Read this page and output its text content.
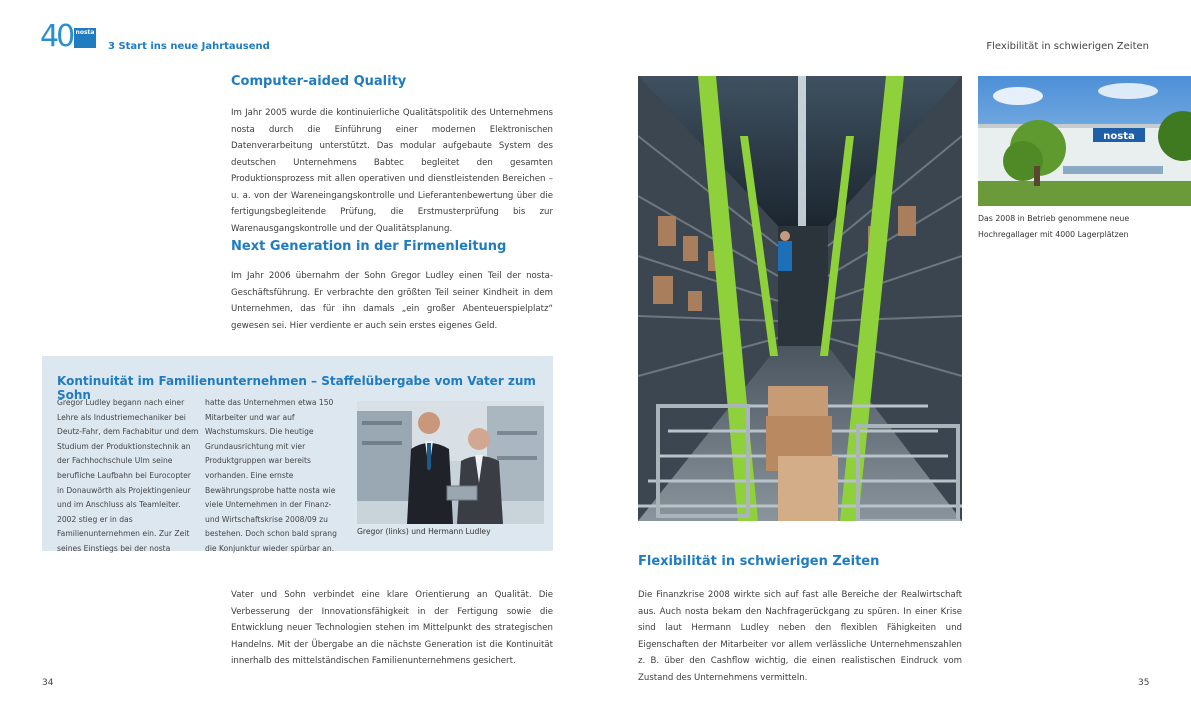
40 nosta
3 Start ins neue Jahrtausend	Flexibilität in schwierigen Zeiten
Computer-aided Quality

Im Jahr 2005 wurde die kontinuierliche Qualitätspolitik des Unternehmens nosta durch die Einführung einer modernen Elektronischen Datenverarbeitung unterstützt. Das modular aufgebaute System des deutschen Unternehmens Babtec begleitet den gesamten Produktionsprozess mit allen operativen und dienstleistenden Bereichen – u. a. von der Wareneingangskontrolle und Lieferantenbewertung über die fertigungsbegleitende Prüfung, die Erstmusterprüfung bis zur Warenausgangskontrolle und der Qualitätsplanung.

Next Generation in der Firmenleitung

Im Jahr 2006 übernahm der Sohn Gregor Ludley einen Teil der nosta-Geschäftsführung. Er verbrachte den größten Teil seiner Kindheit in dem Unternehmen, das für ihn damals „ein großer Abenteuerspielplatz“ gewesen sei. Hier verdiente er auch sein erstes eigenes Geld.

Kontinuität im Familienunternehmen – Staffelübergabe vom Vater zum Sohn

Gregor Ludley begann nach einer Lehre als Industriemechaniker bei Deutz-Fahr, dem Fachabitur und dem Studium der Produktionstechnik an der Fachhochschule Ulm seine berufliche Laufbahn bei Eurocopter in Donauwörth als Projektingenieur und im Anschluss als Teamleiter. 2002 stieg er in das Familienunternehmen ein. Zur Zeit seines Einstiegs bei der nosta

hatte das Unternehmen etwa 150 Mitarbeiter und war auf Wachstumskurs. Die heutige Grundausrichtung mit vier Produktgruppen war bereits vorhanden. Eine ernste Bewährungsprobe hatte nosta wie viele Unternehmen in der Finanz- und Wirtschaftskrise 2008/09 zu bestehen. Doch schon bald sprang die Konjunktur wieder spürbar an.

Gregor (links) und Hermann Ludley

Vater und Sohn verbindet eine klare Orientierung an Qualität. Die Verbesserung der Innovationsfähigkeit in der Fertigung sowie die Entwicklung neuer Technologien stehen im Mittelpunkt des strategischen Handelns. Mit der Übergabe an die nächste Generation ist die Kontinuität innerhalb des mittelständischen Familienunternehmens gesichert.

nosta
Das 2008 in Betrieb genommene neue Hochregallager mit 4000 Lagerplätzen
Flexibilität in schwierigen Zeiten

Die Finanzkrise 2008 wirkte sich auf fast alle Bereiche der Realwirtschaft aus. Auch nosta bekam den Nachfragerückgang zu spüren. In einer Krise sind laut Hermann Ludley neben den flexiblen Fähigkeiten und Eigenschaften der Mitarbeiter vor allem verlässliche Unternehmenszahlen z. B. über den Cashflow wichtig, die einen realistischen Eindruck vom Zustand des Unternehmens vermitteln.

34	35
